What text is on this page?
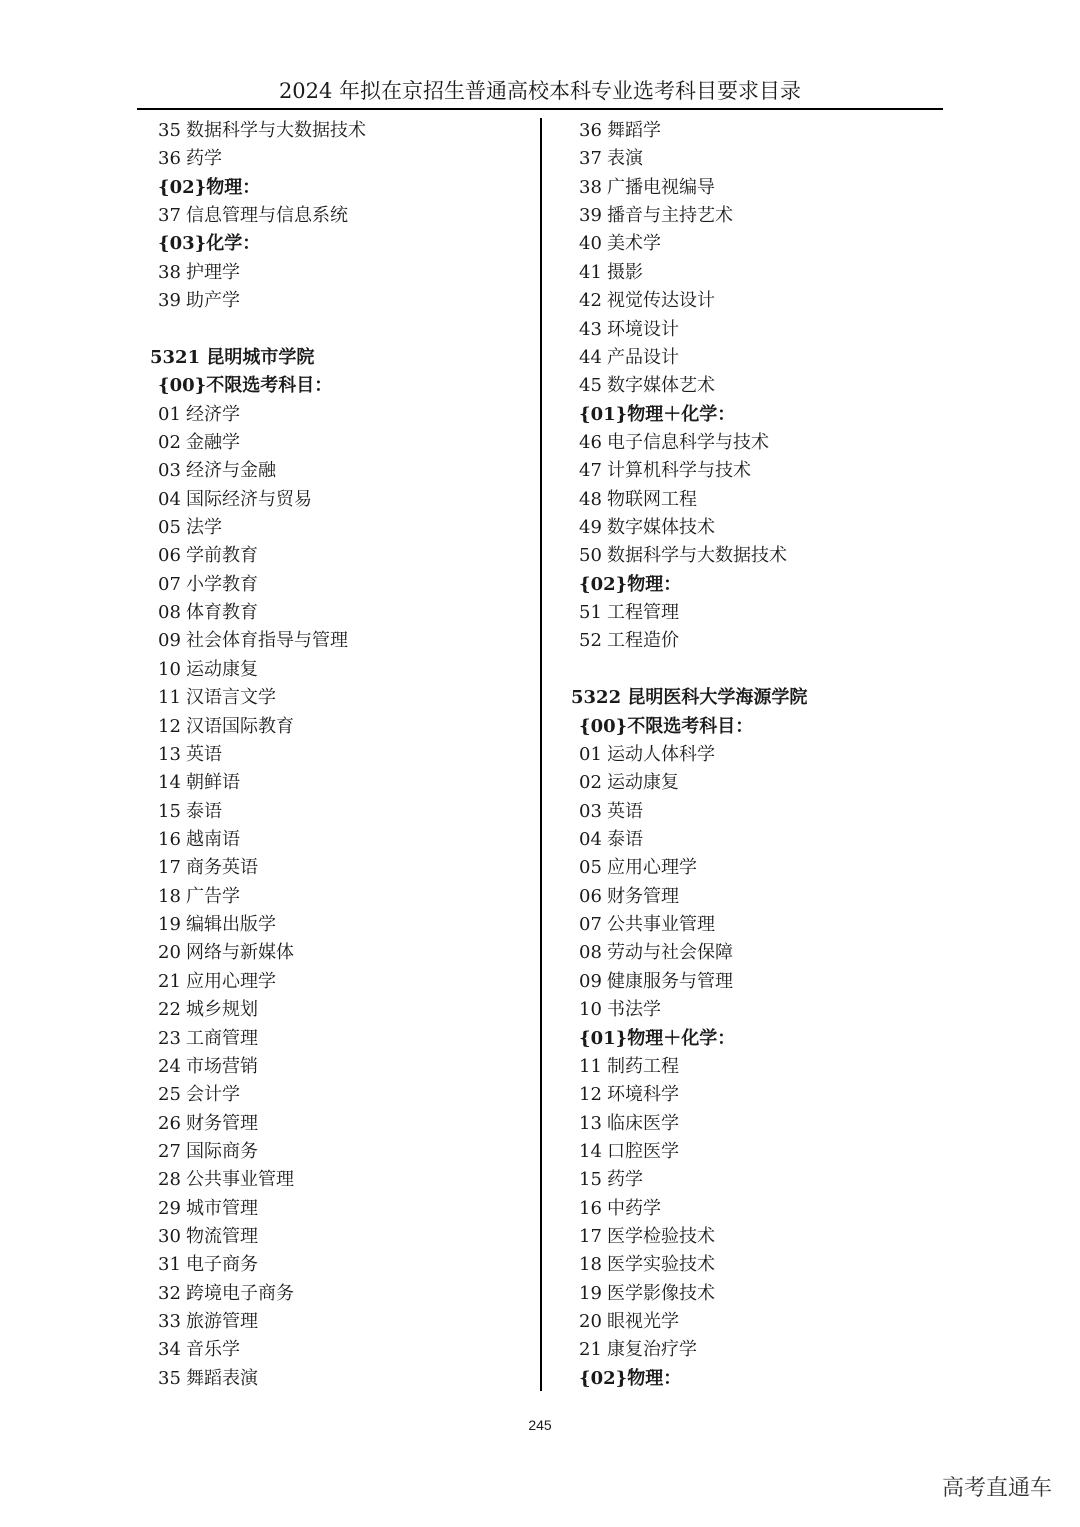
2024 年拟在京招生普通高校本科专业选考科目要求目录
35 数据科学与大数据技术
36 药学
{02}物理：
37 信息管理与信息系统
{03}化学：
38 护理学
39 助产学
5321 昆明城市学院
{00}不限选考科目：
01 经济学
02 金融学
03 经济与金融
04 国际经济与贸易
05 法学
06 学前教育
07 小学教育
08 体育教育
09 社会体育指导与管理
10 运动康复
11 汉语言文学
12 汉语国际教育
13 英语
14 朝鲜语
15 泰语
16 越南语
17 商务英语
18 广告学
19 编辑出版学
20 网络与新媒体
21 应用心理学
22 城乡规划
23 工商管理
24 市场营销
25 会计学
26 财务管理
27 国际商务
28 公共事业管理
29 城市管理
30 物流管理
31 电子商务
32 跨境电子商务
33 旅游管理
34 音乐学
35 舞蹈表演
36 舞蹈学
37 表演
38 广播电视编导
39 播音与主持艺术
40 美术学
41 摄影
42 视觉传达设计
43 环境设计
44 产品设计
45 数字媒体艺术
{01}物理＋化学：
46 电子信息科学与技术
47 计算机科学与技术
48 物联网工程
49 数字媒体技术
50 数据科学与大数据技术
{02}物理：
51 工程管理
52 工程造价
5322 昆明医科大学海源学院
{00}不限选考科目：
01 运动人体科学
02 运动康复
03 英语
04 泰语
05 应用心理学
06 财务管理
07 公共事业管理
08 劳动与社会保障
09 健康服务与管理
10 书法学
{01}物理＋化学：
11 制药工程
12 环境科学
13 临床医学
14 口腔医学
15 药学
16 中药学
17 医学检验技术
18 医学实验技术
19 医学影像技术
20 眼视光学
21 康复治疗学
{02}物理：
245
高考直通车
